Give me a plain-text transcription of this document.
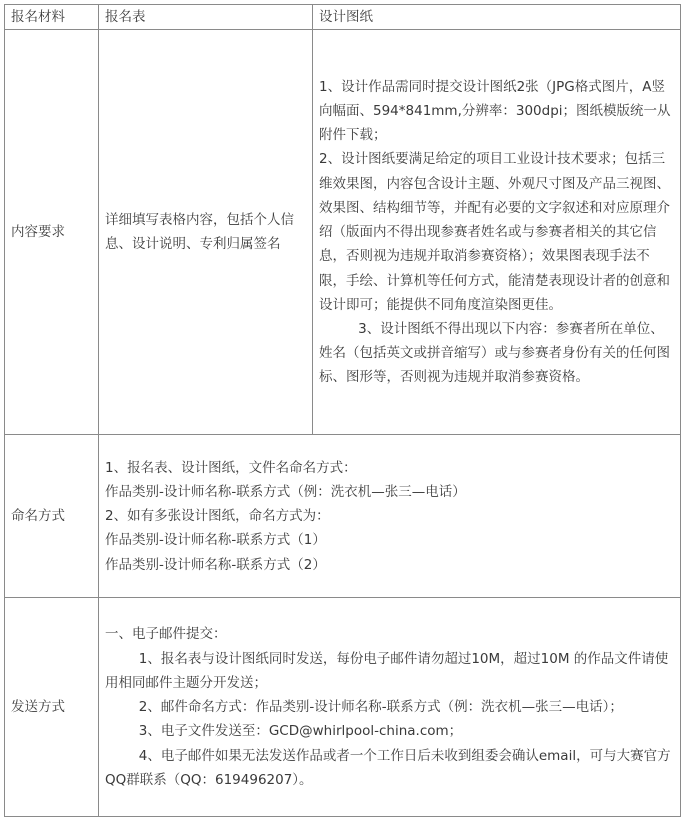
报名材料	报名表	设计图纸
内容要求	详细填写表格内容，包括个人信息、设计说明、专利归属签名	1、设计作品需同时提交设计图纸2张（JPG格式图片，A竖向幅面、594*841mm,分辨率：300dpi；图纸模版统一从附件下载；

2、设计图纸要满足给定的项目工业设计技术要求；包括三维效果图，内容包含设计主题、外观尺寸图及产品三视图、效果图、结构细节等，并配有必要的文字叙述和对应原理介绍（版面内不得出现参赛者姓名或与参赛者相关的其它信息，否则视为违规并取消参赛资格）；效果图表现手法不限，手绘、计算机等任何方式，能清楚表现设计者的创意和设计即可；能提供不同角度渲染图更佳。

3、设计图纸不得出现以下内容：参赛者所在单位、姓名（包括英文或拼音缩写）或与参赛者身份有关的任何图标、图形等，否则视为违规并取消参赛资格。

命名方式	1、报名表、设计图纸，文件名命名方式：

作品类别-设计师名称-联系方式（例：洗衣机—张三—电话）

2、如有多张设计图纸，命名方式为：

作品类别-设计师名称-联系方式（1）

作品类别-设计师名称-联系方式（2）	

发送方式	一、电子邮件提交：

1、报名表与设计图纸同时发送，每份电子邮件请勿超过10M，超过10M 的作品文件请使用相同邮件主题分开发送；

2、邮件命名方式：作品类别-设计师名称-联系方式（例：洗衣机—张三—电话）；

3、电子文件发送至：GCD@whirlpool-china.com；

4、电子邮件如果无法发送作品或者一个工作日后未收到组委会确认email，可与大赛官方QQ群联系（QQ：619496207）。	
